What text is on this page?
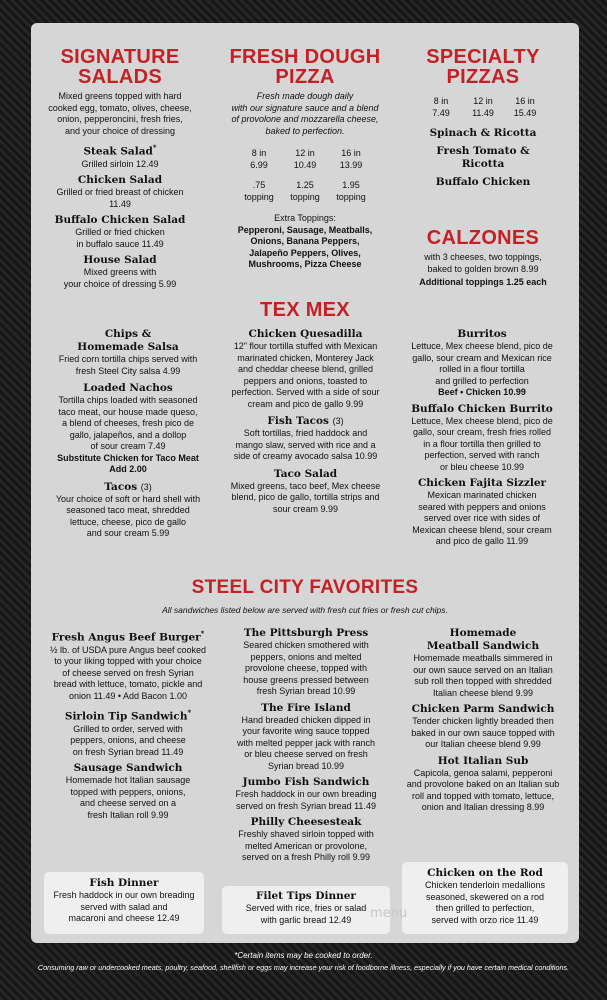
SIGNATURE
SALADS
Mixed greens topped with hard
cooked egg, tomato, olives, cheese,
onion, pepperoncini, fresh fries,
and your choice of dressing
Steak Salad*
Grilled sirloin 12.49
Chicken Salad
Grilled or fried breast of chicken
11.49
Buffalo Chicken Salad
Grilled or fried chicken
in buffalo sauce 11.49
House Salad
Mixed greens with
your choice of dressing 5.99
FRESH DOUGH
PIZZA
Fresh made dough daily
with our signature sauce and a blend
of provolone and mozzarella cheese,
baked to perfection.
8 in	12 in	16 in
6.99	10.49	13.99
.75	1.25	1.95
topping topping topping
Extra Toppings:
Pepperoni, Sausage, Meatballs,
Onions, Banana Peppers,
Jalapeño Peppers, Olives,
Mushrooms, Pizza Cheese
SPECIALTY
PIZZAS
8 in	12 in	16 in
7.49	11.49	15.49
Spinach & Ricotta
Fresh Tomato &
Ricotta
Buffalo Chicken
CALZONES
with 3 cheeses, two toppings,
baked to golden brown 8.99
Additional toppings 1.25 each
TEX MEX
Chips &
Homemade Salsa
Fried corn tortilla chips served with
fresh Steel City salsa 4.99
Loaded Nachos
Tortilla chips loaded with seasoned
taco meat, our house made queso,
a blend of cheeses, fresh pico de
gallo, jalapeños, and a dollop
of sour cream 7.49
Substitute Chicken for Taco Meat
Add 2.00
Tacos (3)
Your choice of soft or hard shell with
seasoned taco meat, shredded
lettuce, cheese, pico de gallo
and sour cream 5.99
Chicken Quesadilla
12" flour tortilla stuffed with Mexican
marinated chicken, Monterey Jack
and cheddar cheese blend, grilled
peppers and onions, toasted to
perfection. Served with a side of sour
cream and pico de gallo 9.99
Fish Tacos (3)
Soft tortillas, fried haddock and
mango slaw, served with rice and a
side of creamy avocado salsa 10.99
Taco Salad
Mixed greens, taco beef, Mex cheese
blend, pico de gallo, tortilla strips and
sour cream 9.99
Burritos
Lettuce, Mex cheese blend, pico de
gallo, sour cream and Mexican rice
rolled in a flour tortilla
and grilled to perfection
Beef • Chicken 10.99
Buffalo Chicken Burrito
Lettuce, Mex cheese blend, pico de
gallo, sour cream, fresh fries rolled
in a flour tortilla then grilled to
perfection, served with ranch
or bleu cheese 10.99
Chicken Fajita Sizzler
Mexican marinated chicken
seared with peppers and onions
served over rice with sides of
Mexican cheese blend, sour cream
and pico de gallo 11.99
STEEL CITY FAVORITES
All sandwiches listed below are served with fresh cut fries or fresh cut chips.
Fresh Angus Beef Burger*
½ lb. of USDA pure Angus beef cooked
to your liking topped with your choice
of cheese served on fresh Syrian
bread with lettuce, tomato, pickle and
onion 11.49 • Add Bacon 1.00
Sirloin Tip Sandwich*
Grilled to order, served with
peppers, onions, and cheese
on fresh Syrian bread 11.49
Sausage Sandwich
Homemade hot Italian sausage
topped with peppers, onions,
and cheese served on a
fresh Italian roll 9.99
The Pittsburgh Press
Seared chicken smothered with
peppers, onions and melted
provolone cheese, topped with
house greens pressed between
fresh Syrian bread 10.99
The Fire Island
Hand breaded chicken dipped in
your favorite wing sauce topped
with melted pepper jack with ranch
or bleu cheese served on fresh
Syrian bread 10.99
Jumbo Fish Sandwich
Fresh haddock in our own breading
served on fresh Syrian bread 11.49
Philly Cheesesteak
Freshly shaved sirloin topped with
melted American or provolone,
served on a fresh Philly roll 9.99
Homemade
Meatball Sandwich
Homemade meatballs simmered in
our own sauce served on an Italian
sub roll then topped with shredded
Italian cheese blend 9.99
Chicken Parm Sandwich
Tender chicken lightly breaded then
baked in our own sauce topped with
our Italian cheese blend 9.99
Hot Italian Sub
Capicola, genoa salami, pepperoni
and provolone baked on an Italian sub
roll and topped with tomato, lettuce,
onion and Italian dressing 8.99
Fish Dinner
Fresh haddock in our own breading
served with salad and
macaroni and cheese 12.49
Filet Tips Dinner
Served with rice, fries or salad
with garlic bread 12.49
Chicken on the Rod
Chicken tenderloin medallions
seasoned, skewered on a rod
then grilled to perfection,
served with orzo rice 11.49
menu
*Certain items may be cooked to order.
Consuming raw or undercooked meats, poultry, seafood, shellfish or eggs may increase your risk of foodborne illness, especially if you have certain medical conditions.
